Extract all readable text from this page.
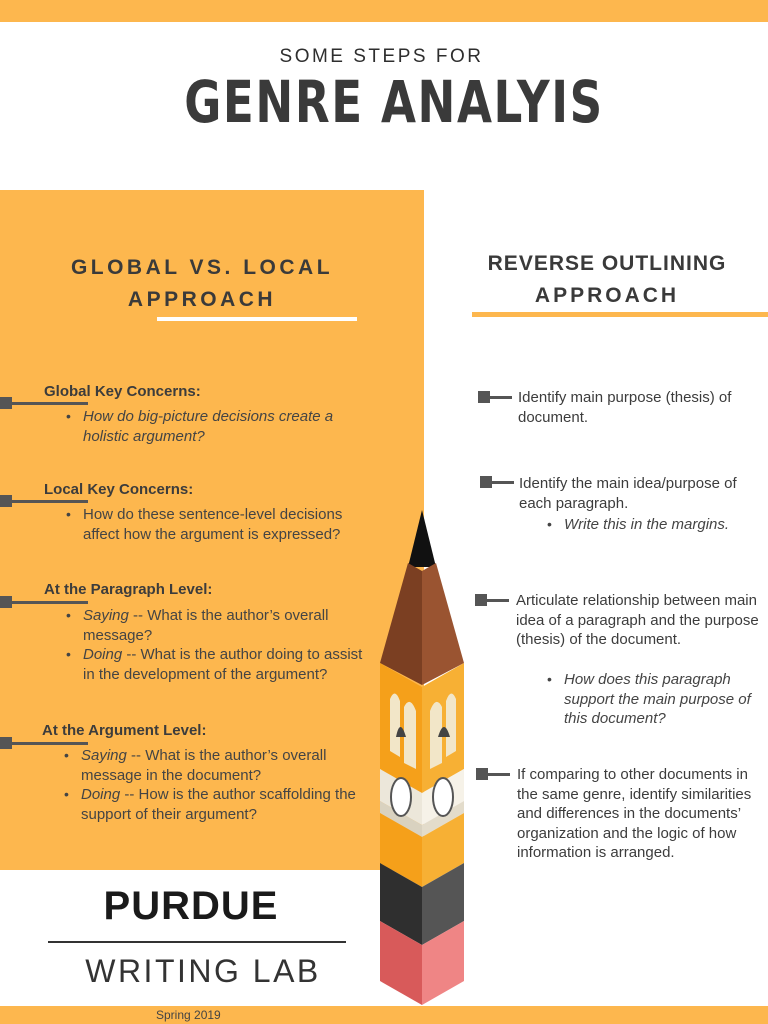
SOME STEPS FOR
GENRE ANALYIS
GLOBAL VS. LOCAL
APPROACH
REVERSE OUTLINING
APPROACH
Global Key Concerns:
• How do big-picture decisions create a holistic argument?
Local Key Concerns:
• How do these sentence-level decisions affect how the argument is expressed?
At the Paragraph Level:
• Saying -- What is the author’s overall message?
• Doing -- What is the author doing to assist in the development of the argument?
At the Argument Level:
• Saying -- What is the author’s overall message in the document?
• Doing -- How is the author scaffolding the support of their argument?
Identify main purpose (thesis) of document.
Identify the main idea/purpose of each paragraph.
• Write this in the margins.
Articulate relationship between main idea of a paragraph and the purpose (thesis) of the document.
• How does this paragraph support the main purpose of this document?
If comparing to other documents in the same genre, identify similarities and differences in the documents’ organization and the logic of how information is arranged.
PURDUE
WRITING LAB
Spring 2019
